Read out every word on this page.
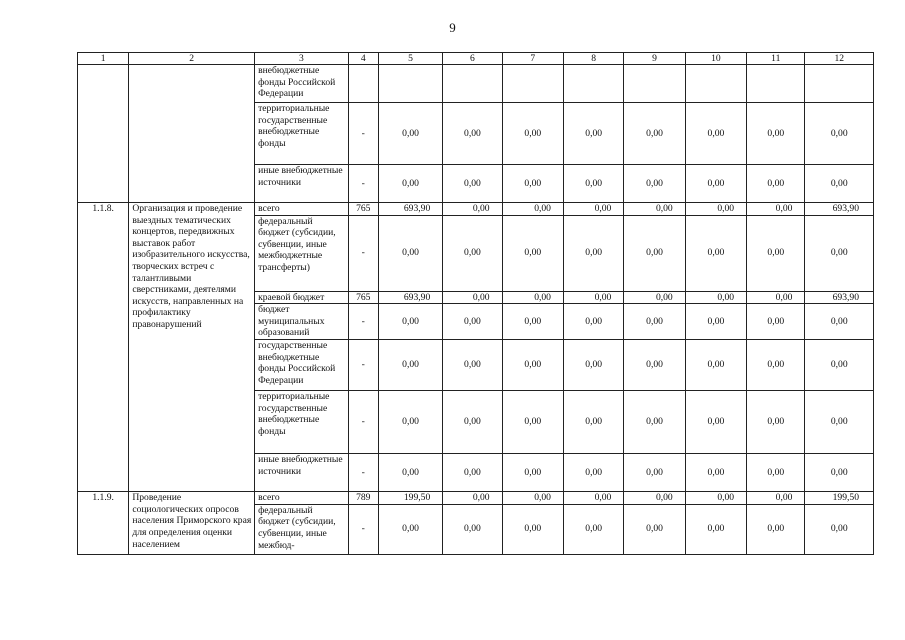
9
1	2	3	4	5	6	7	8	9	10	11	12
		внебюджетные фонды Российской Федерации									
		территориальные государственные внебюджетные фонды	-	0,00	0,00	0,00	0,00	0,00	0,00	0,00	0,00
		иные внебюджетные источники	-	0,00	0,00	0,00	0,00	0,00	0,00	0,00	0,00
1.1.8.	Организация и проведение выездных тематических концертов, передвижных выставок работ изобразительного искусства, творческих встреч с талантливыми сверстниками, деятелями искусств, направленных на профилактику правонарушений	всего	765	693,90	0,00	0,00	0,00	0,00	0,00	0,00	693,90
		федеральный бюджет (субсидии, субвенции, иные межбюджетные трансферты)	-	0,00	0,00	0,00	0,00	0,00	0,00	0,00	0,00
		краевой бюджет	765	693,90	0,00	0,00	0,00	0,00	0,00	0,00	693,90
		бюджет муниципальных образований	-	0,00	0,00	0,00	0,00	0,00	0,00	0,00	0,00
		государственные внебюджетные фонды Российской Федерации	-	0,00	0,00	0,00	0,00	0,00	0,00	0,00	0,00
		территориальные государственные внебюджетные фонды	-	0,00	0,00	0,00	0,00	0,00	0,00	0,00	0,00
		иные внебюджетные источники	-	0,00	0,00	0,00	0,00	0,00	0,00	0,00	0,00
1.1.9.	Проведение социологических опросов населения Приморского края для определения оценки населением	всего	789	199,50	0,00	0,00	0,00	0,00	0,00	0,00	199,50
		федеральный бюджет (субсидии, субвенции, иные межбюд-	-	0,00	0,00	0,00	0,00	0,00	0,00	0,00	0,00
